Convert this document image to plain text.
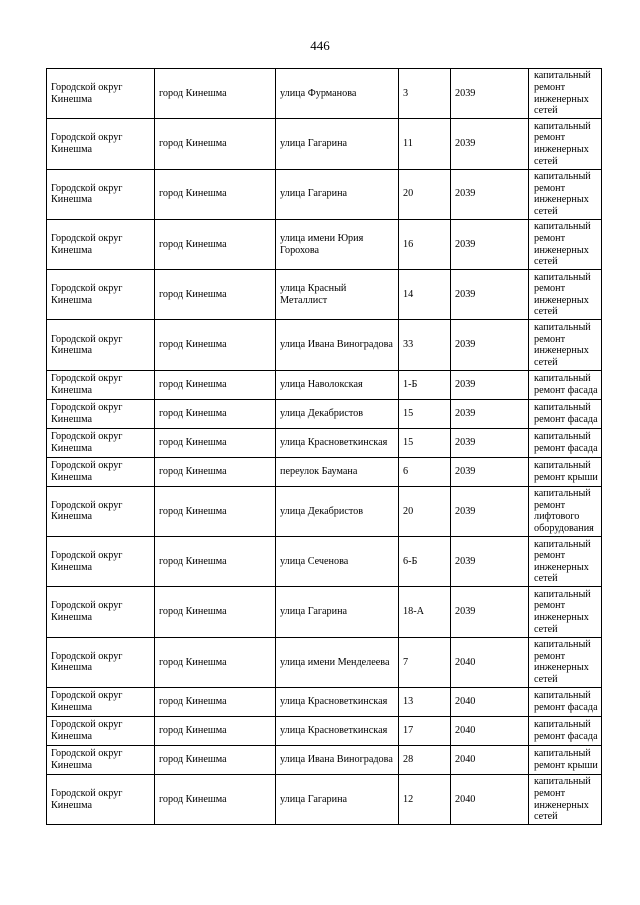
446
Городской округ Кинешма	город Кинешма	улица Фурманова	3	2039	капитальный ремонт инженерных сетей
Городской округ Кинешма	город Кинешма	улица Гагарина	11	2039	капитальный ремонт инженерных сетей
Городской округ Кинешма	город Кинешма	улица Гагарина	20	2039	капитальный ремонт инженерных сетей
Городской округ Кинешма	город Кинешма	улица имени Юрия Горохова	16	2039	капитальный ремонт инженерных сетей
Городской округ Кинешма	город Кинешма	улица Красный Металлист	14	2039	капитальный ремонт инженерных сетей
Городской округ Кинешма	город Кинешма	улица Ивана Виноградова	33	2039	капитальный ремонт инженерных сетей
Городской округ Кинешма	город Кинешма	улица Наволокская	1-Б	2039	капитальный ремонт фасада
Городской округ Кинешма	город Кинешма	улица Декабристов	15	2039	капитальный ремонт фасада
Городской округ Кинешма	город Кинешма	улица Красноветкинская	15	2039	капитальный ремонт фасада
Городской округ Кинешма	город Кинешма	переулок Баумана	6	2039	капитальный ремонт крыши
Городской округ Кинешма	город Кинешма	улица Декабристов	20	2039	капитальный ремонт лифтового оборудования
Городской округ Кинешма	город Кинешма	улица Сеченова	6-Б	2039	капитальный ремонт инженерных сетей
Городской округ Кинешма	город Кинешма	улица Гагарина	18-А	2039	капитальный ремонт инженерных сетей
Городской округ Кинешма	город Кинешма	улица имени Менделеева	7	2040	капитальный ремонт инженерных сетей
Городской округ Кинешма	город Кинешма	улица Красноветкинская	13	2040	капитальный ремонт фасада
Городской округ Кинешма	город Кинешма	улица Красноветкинская	17	2040	капитальный ремонт фасада
Городской округ Кинешма	город Кинешма	улица Ивана Виноградова	28	2040	капитальный ремонт крыши
Городской округ Кинешма	город Кинешма	улица Гагарина	12	2040	капитальный ремонт инженерных сетей
